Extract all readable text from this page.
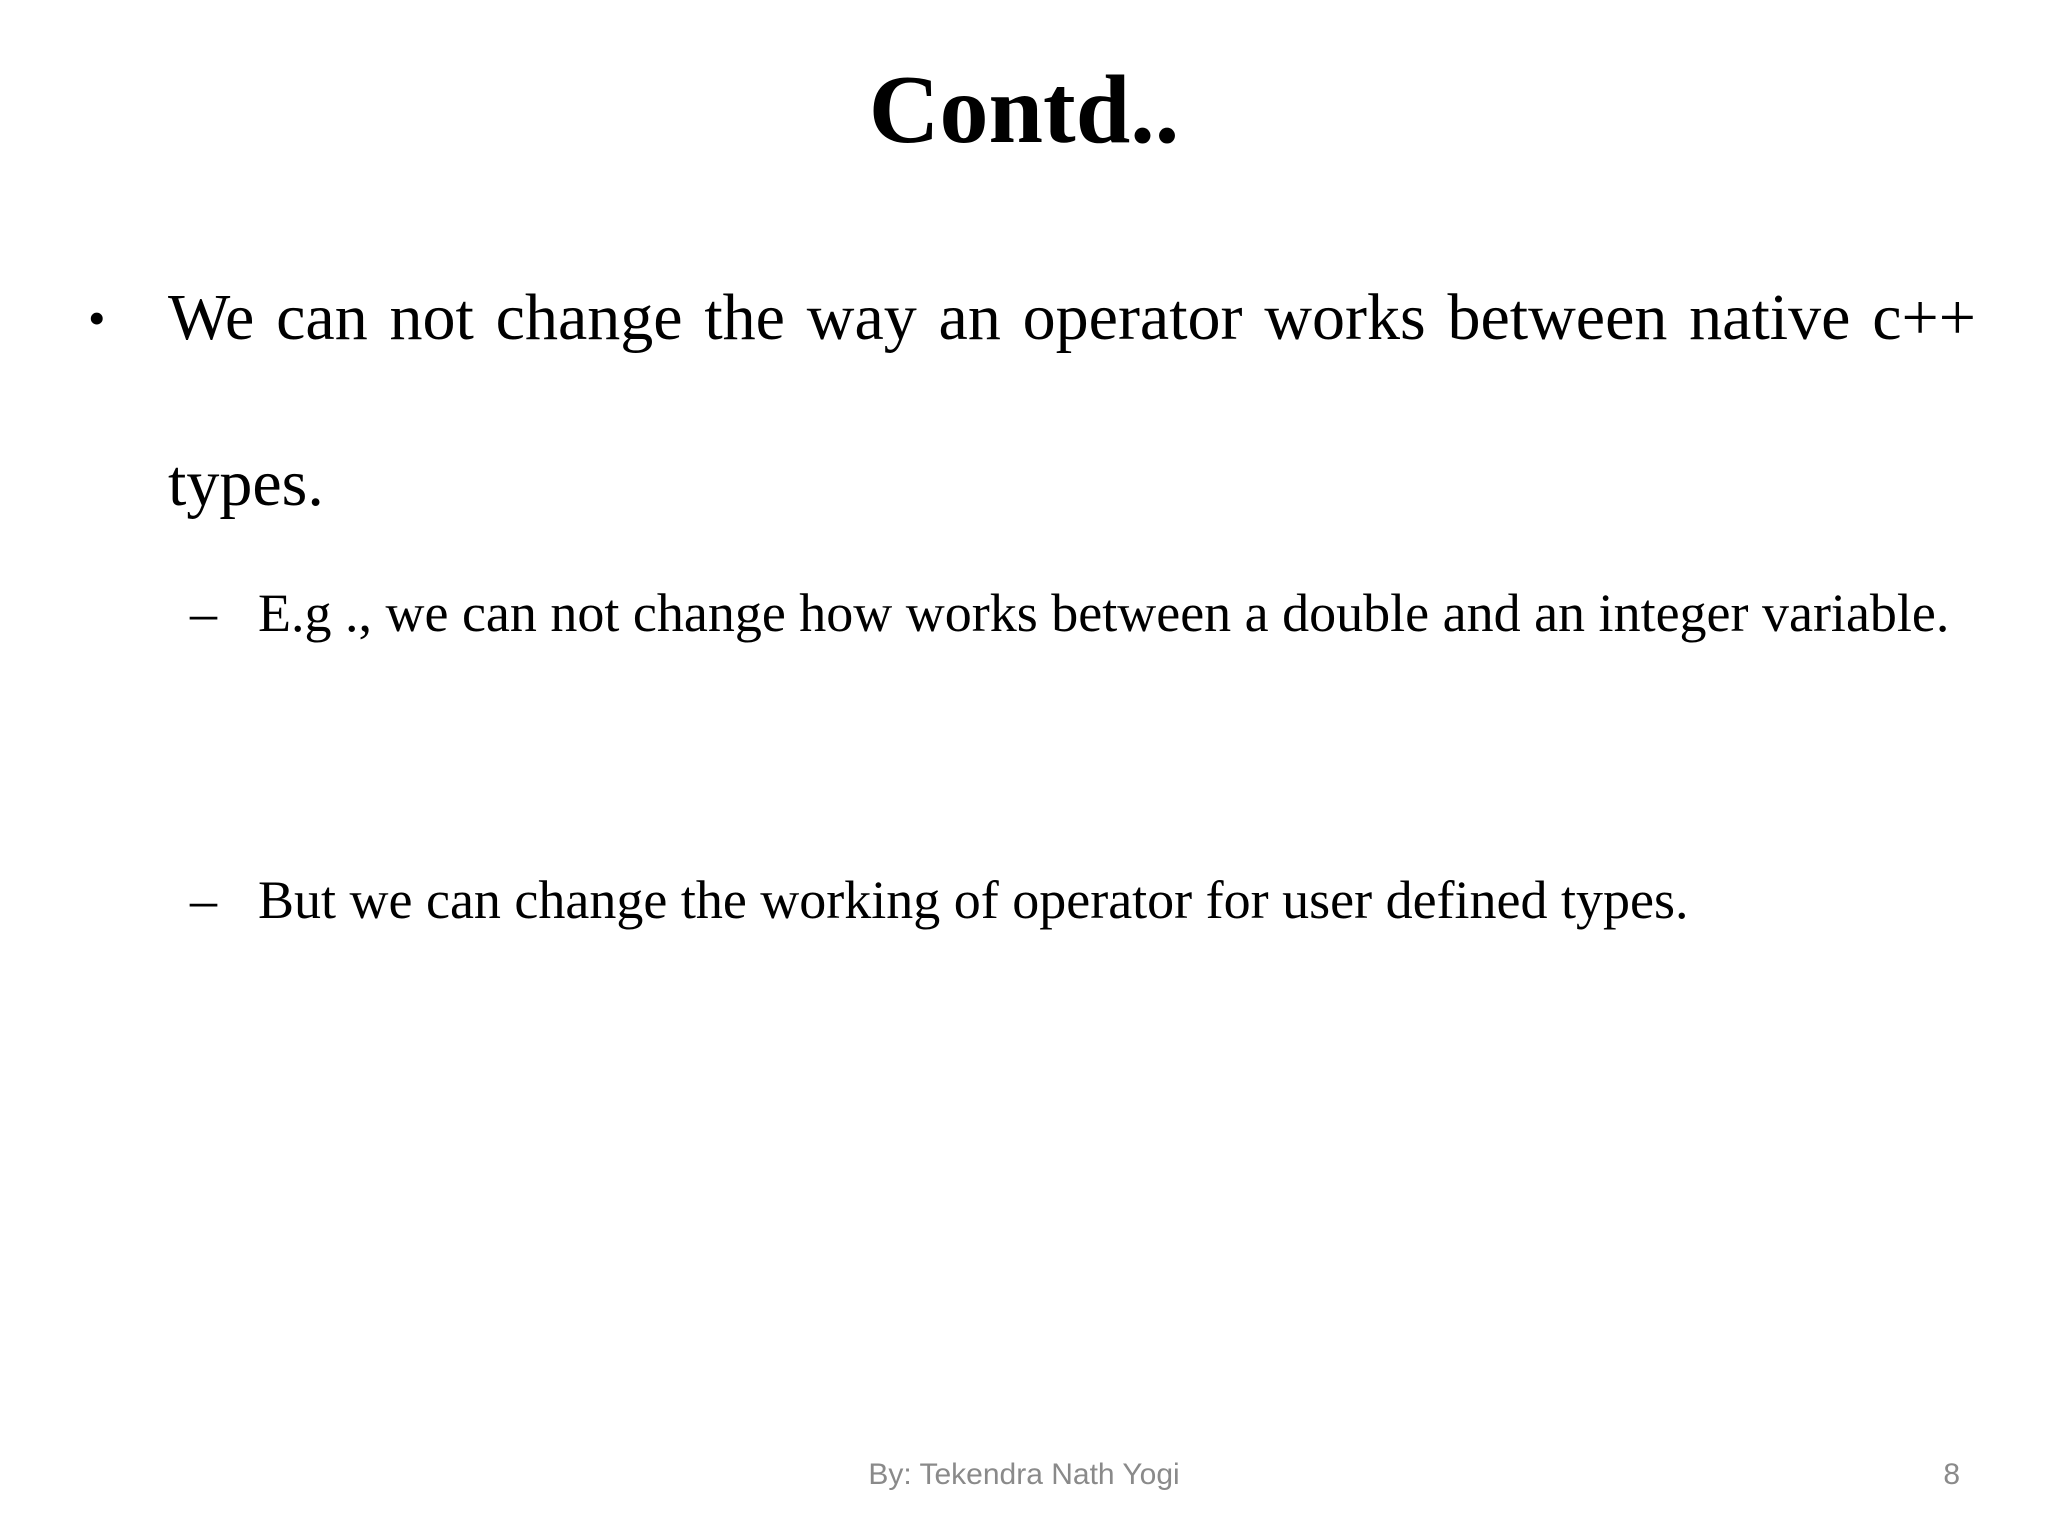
Contd..
• We can not change the way an operator works between native c++ types.
– E.g ., we can not change how works between a double and an integer variable.
– But we can change the working of operator for user defined types.
By: Tekendra Nath Yogi	8
